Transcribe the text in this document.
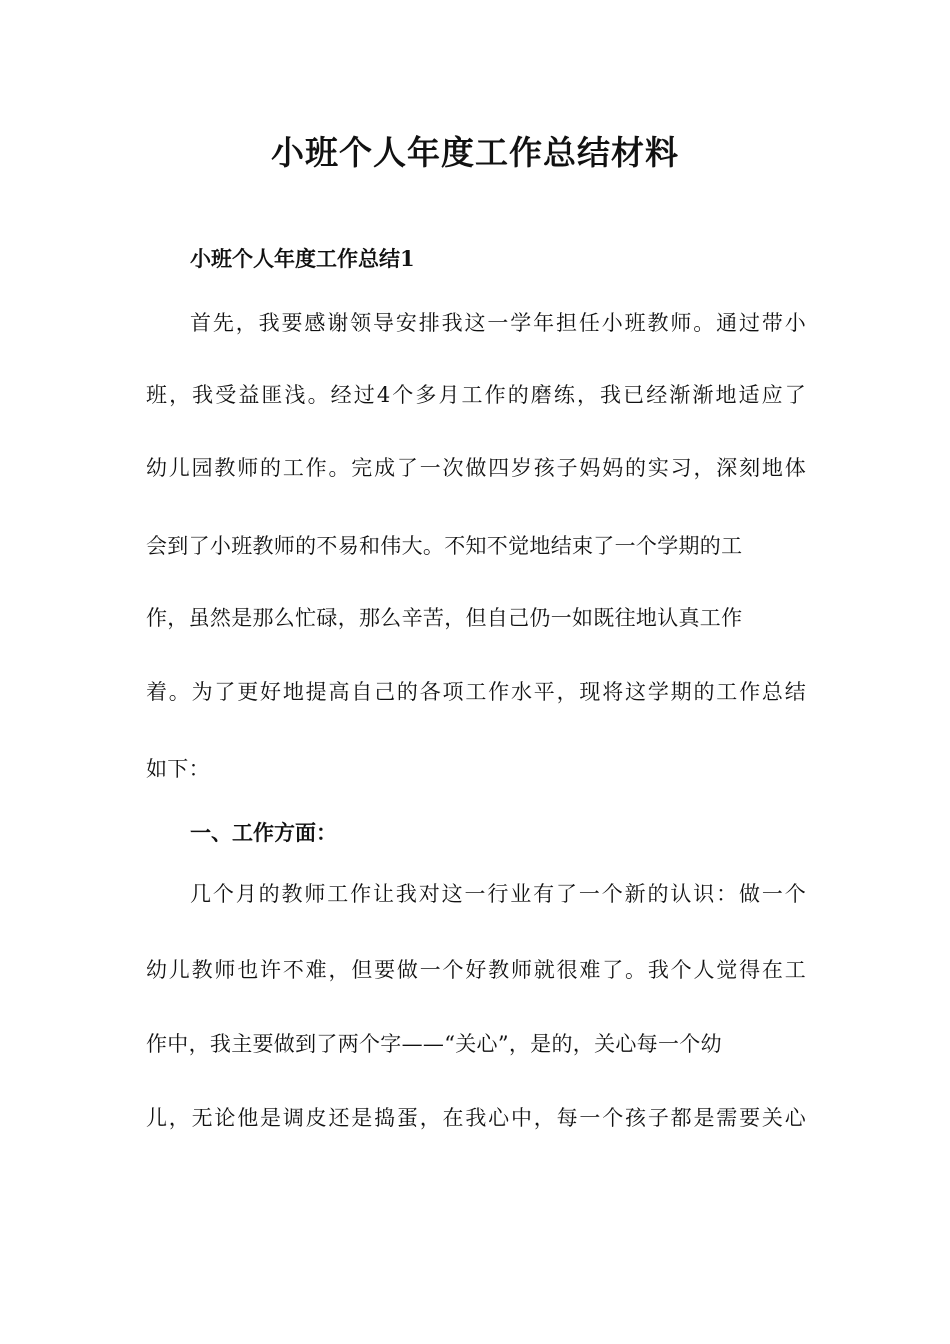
小班个人年度工作总结材料
小班个人年度工作总结1
首先，我要感谢领导安排我这一学年担任小班教师。通过带小
班，我受益匪浅。经过4个多月工作的磨练，我已经渐渐地适应了
幼儿园教师的工作。完成了一次做四岁孩子妈妈的实习，深刻地体
会到了小班教师的不易和伟大。不知不觉地结束了一个学期的工
作，虽然是那么忙碌，那么辛苦，但自己仍一如既往地认真工作
着。为了更好地提高自己的各项工作水平，现将这学期的工作总结
如下：
一、工作方面：
几个月的教师工作让我对这一行业有了一个新的认识：做一个
幼儿教师也许不难，但要做一个好教师就很难了。我个人觉得在工
作中，我主要做到了两个字——“关心”，是的，关心每一个幼
儿，无论他是调皮还是捣蛋，在我心中，每一个孩子都是需要关心
